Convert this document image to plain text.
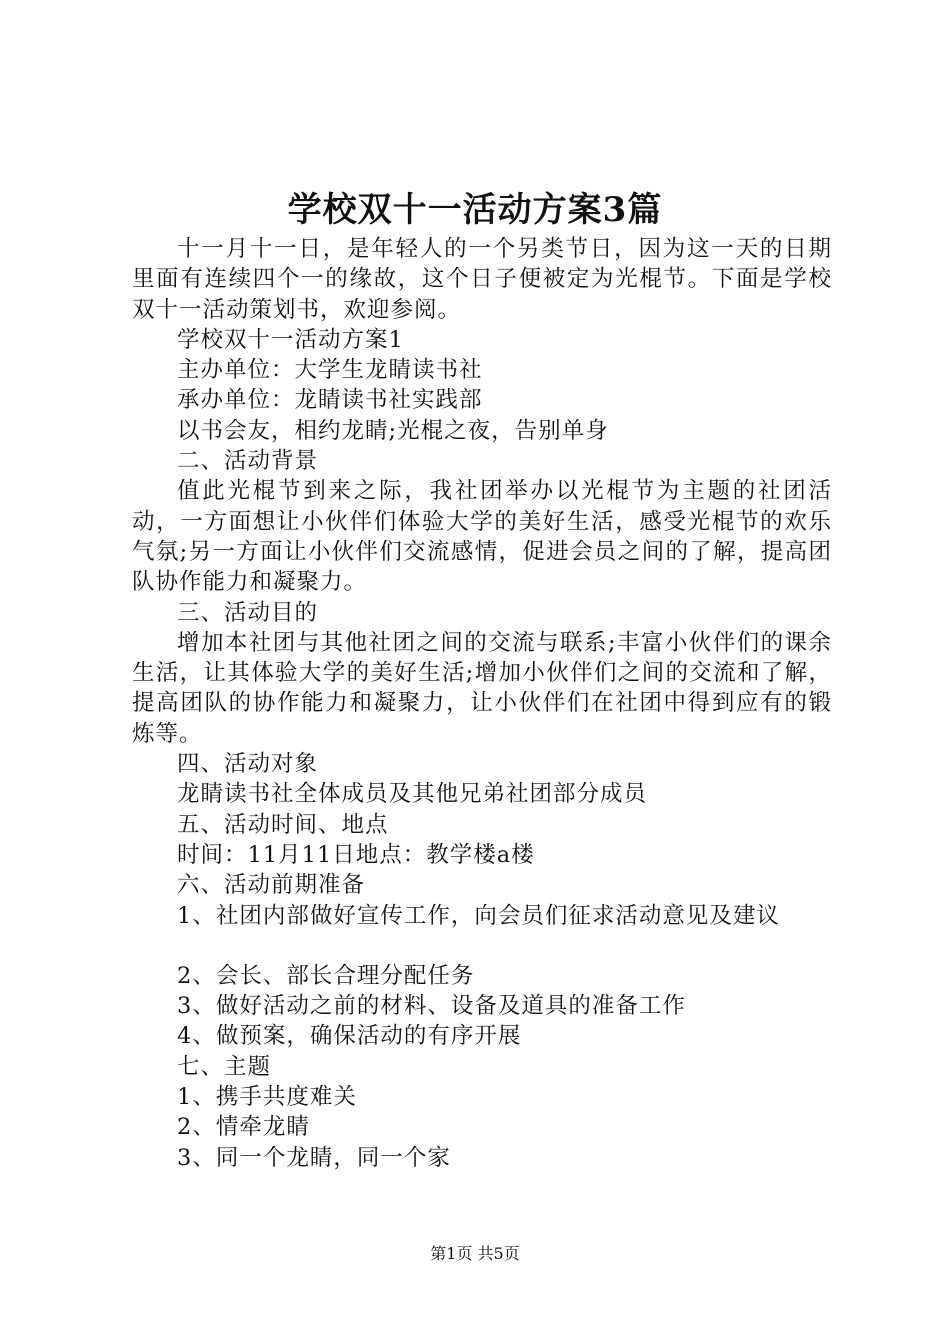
学校双十一活动方案3篇

十一月十一日，是年轻人的一个另类节日，因为这一天的日期里面有连续四个一的缘故，这个日子便被定为光棍节。下面是学校双十一活动策划书，欢迎参阅。

学校双十一活动方案1

主办单位：大学生龙睛读书社

承办单位：龙睛读书社实践部

以书会友，相约龙睛;光棍之夜，告别单身

二、活动背景

值此光棍节到来之际，我社团举办以光棍节为主题的社团活动，一方面想让小伙伴们体验大学的美好生活，感受光棍节的欢乐气氛;另一方面让小伙伴们交流感情，促进会员之间的了解，提高团队协作能力和凝聚力。

三、活动目的

增加本社团与其他社团之间的交流与联系;丰富小伙伴们的课余生活，让其体验大学的美好生活;增加小伙伴们之间的交流和了解，提高团队的协作能力和凝聚力，让小伙伴们在社团中得到应有的锻炼等。

四、活动对象

龙睛读书社全体成员及其他兄弟社团部分成员

五、活动时间、地点

时间：11月11日地点：教学楼a楼

六、活动前期准备

1、社团内部做好宣传工作，向会员们征求活动意见及建议

2、会长、部长合理分配任务

3、做好活动之前的材料、设备及道具的准备工作

4、做预案，确保活动的有序开展

七、主题

1、携手共度难关

2、情牵龙睛

3、同一个龙睛，同一个家

第1页 共5页
